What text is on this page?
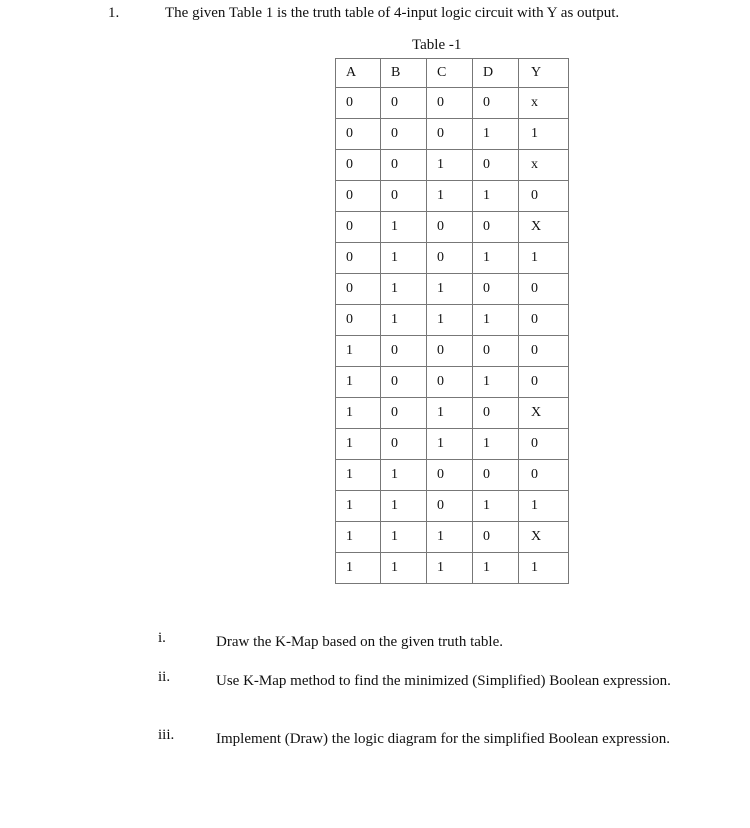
1.	The given Table 1 is the truth table of 4-input logic circuit with Y as output.
Table -1
A	B	C	D	Y
0	0	0	0	x
0	0	0	1	1
0	0	1	0	x
0	0	1	1	0
0	1	0	0	X
0	1	0	1	1
0	1	1	0	0
0	1	1	1	0
1	0	0	0	0
1	0	0	1	0
1	0	1	0	X
1	0	1	1	0
1	1	0	0	0
1	1	0	1	1
1	1	1	0	X
1	1	1	1	1
i.	Draw the K-Map based on the given truth table.
ii.	Use K-Map method to find the minimized (Simplified) Boolean expression.
iii.	Implement (Draw) the logic diagram for the simplified Boolean expression.
